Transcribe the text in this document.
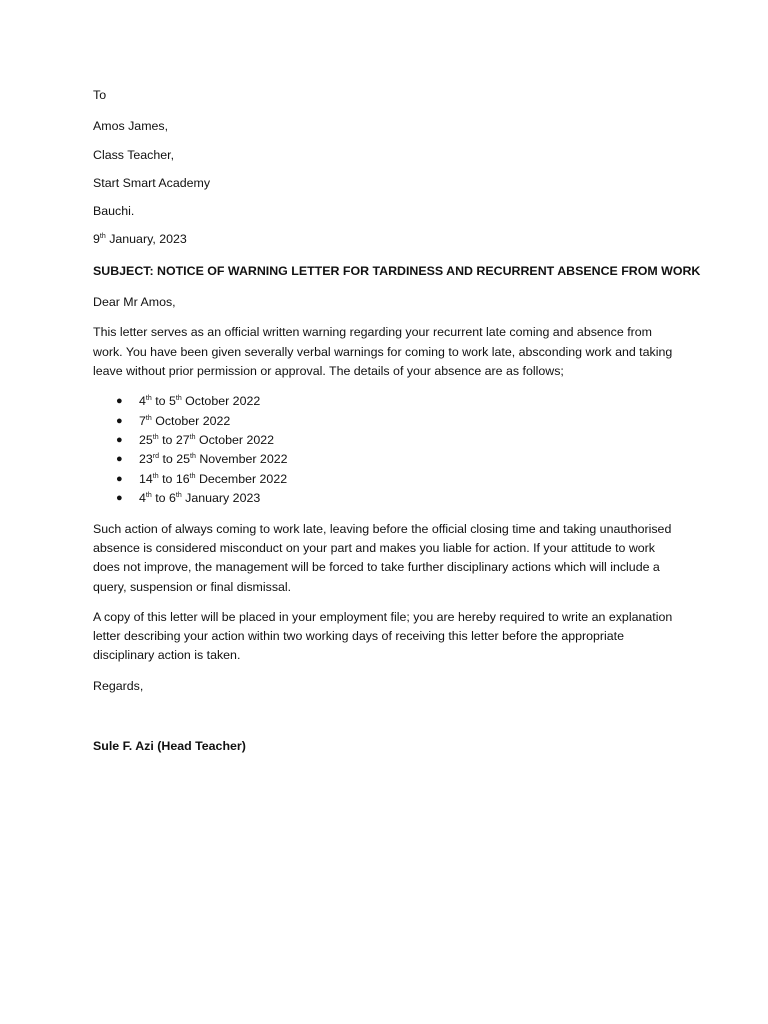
To

Amos James,

Class Teacher,

Start Smart Academy

Bauchi.

9th January, 2023

SUBJECT: NOTICE OF WARNING LETTER FOR TARDINESS AND RECURRENT ABSENCE FROM WORK

Dear Mr Amos,

This letter serves as an official written warning regarding your recurrent late coming and absence from work. You have been given severally verbal warnings for coming to work late, absconding work and taking leave without prior permission or approval. The details of your absence are as follows;

● 4th to 5th October 2022
● 7th October 2022
● 25th to 27th October 2022
● 23rd to 25th November 2022
● 14th to 16th December 2022
● 4th to 6th January 2023

Such action of always coming to work late, leaving before the official closing time and taking unauthorised absence is considered misconduct on your part and makes you liable for action. If your attitude to work does not improve, the management will be forced to take further disciplinary actions which will include a query, suspension or final dismissal.

A copy of this letter will be placed in your employment file; you are hereby required to write an explanation letter describing your action within two working days of receiving this letter before the appropriate disciplinary action is taken.

Regards,

Sule F. Azi (Head Teacher)
